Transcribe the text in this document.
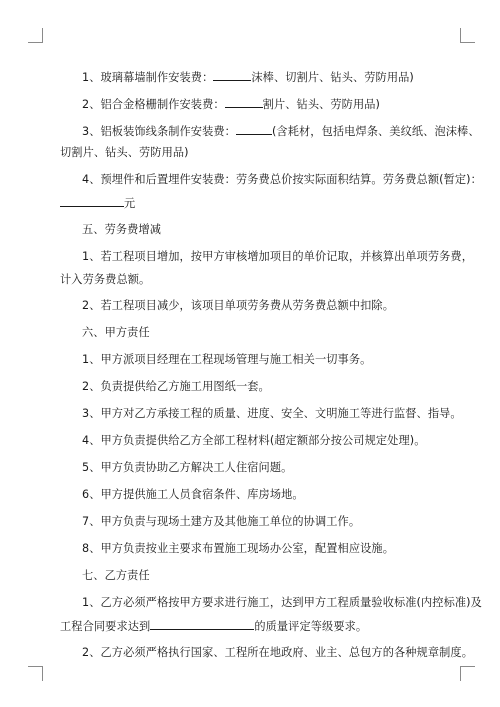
1、玻璃幕墙制作安装费：	沫棒、切割片、钻头、劳防用品)
2、铝合金格栅制作安装费：	割片、钻头、劳防用品)
3、铝板装饰线条制作安装费：	(含耗材，包括电焊条、美纹纸、泡沫棒、
切割片、钻头、劳防用品)
4、预埋件和后置埋件安装费：劳务费总价按实际面积结算。劳务费总额(暂定)：
元
五、劳务费增减
1、若工程项目增加，按甲方审核增加项目的单价记取，并核算出单项劳务费，
计入劳务费总额。
2、若工程项目减少，该项目单项劳务费从劳务费总额中扣除。
六、甲方责任
1、甲方派项目经理在工程现场管理与施工相关一切事务。
2、负责提供给乙方施工用图纸一套。
3、甲方对乙方承接工程的质量、进度、安全、文明施工等进行监督、指导。
4、甲方负责提供给乙方全部工程材料(超定额部分按公司规定处理)。
5、甲方负责协助乙方解决工人住宿问题。
6、甲方提供施工人员食宿条件、库房场地。
7、甲方负责与现场土建方及其他施工单位的协调工作。
8、甲方负责按业主要求布置施工现场办公室，配置相应设施。
七、乙方责任
1、乙方必须严格按甲方要求进行施工，达到甲方工程质量验收标准(内控标准)及
工程合同要求达到	的质量评定等级要求。
2、乙方必须严格执行国家、工程所在地政府、业主、总包方的各种规章制度。
